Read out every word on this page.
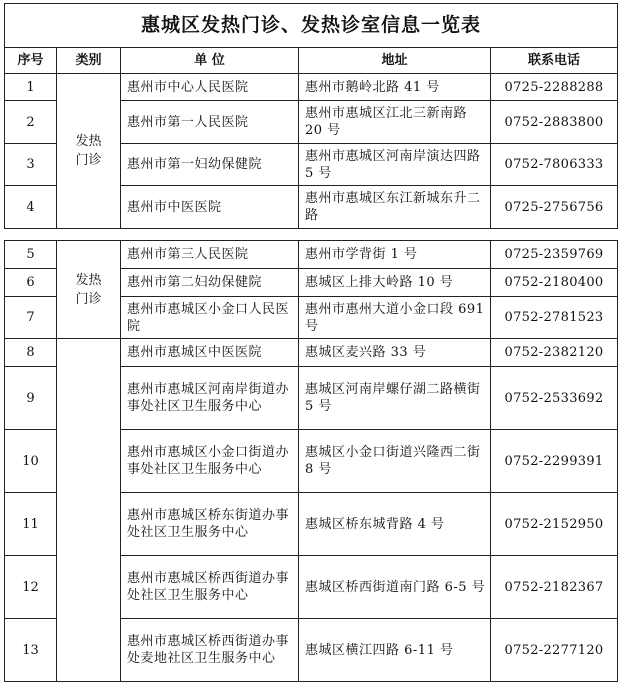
惠城区发热门诊、发热诊室信息一览表				
序号	类别	单 位	地址	联系电话
1	发热门诊	惠州市中心人民医院	惠州市鹅岭北路 41 号	0725-2288288
2		惠州市第一人民医院	惠州市惠城区江北三新南路 20 号	0752-2883800
3		惠州市第一妇幼保健院	惠州市惠城区河南岸演达四路 5 号	0752-7806333
4		惠州市中医医院	惠州市惠城区东江新城东升二路	0725-2756756
5	发热门诊	惠州市第三人民医院	惠州市学背街 1 号	0725-2359769
6		惠州市第二妇幼保健院	惠城区上排大岭路 10 号	0752-2180400
7		惠州市惠城区小金口人民医院	惠州市惠州大道小金口段 691 号	0752-2781523
8		惠州市惠城区中医医院	惠城区麦兴路 33 号	0752-2382120
9		惠州市惠城区河南岸街道办事处社区卫生服务中心	惠城区河南岸螺仔湖二路横街 5 号	0752-2533692
10		惠州市惠城区小金口街道办事处社区卫生服务中心	惠城区小金口街道兴隆西二街 8 号	0752-2299391
11		惠州市惠城区桥东街道办事处社区卫生服务中心	惠城区桥东城背路 4 号	0752-2152950
12		惠州市惠城区桥西街道办事处社区卫生服务中心	惠城区桥西街道南门路 6-5 号	0752-2182367
13		惠州市惠城区桥西街道办事处麦地社区卫生服务中心	惠城区横江四路 6-11 号	0752-2277120
